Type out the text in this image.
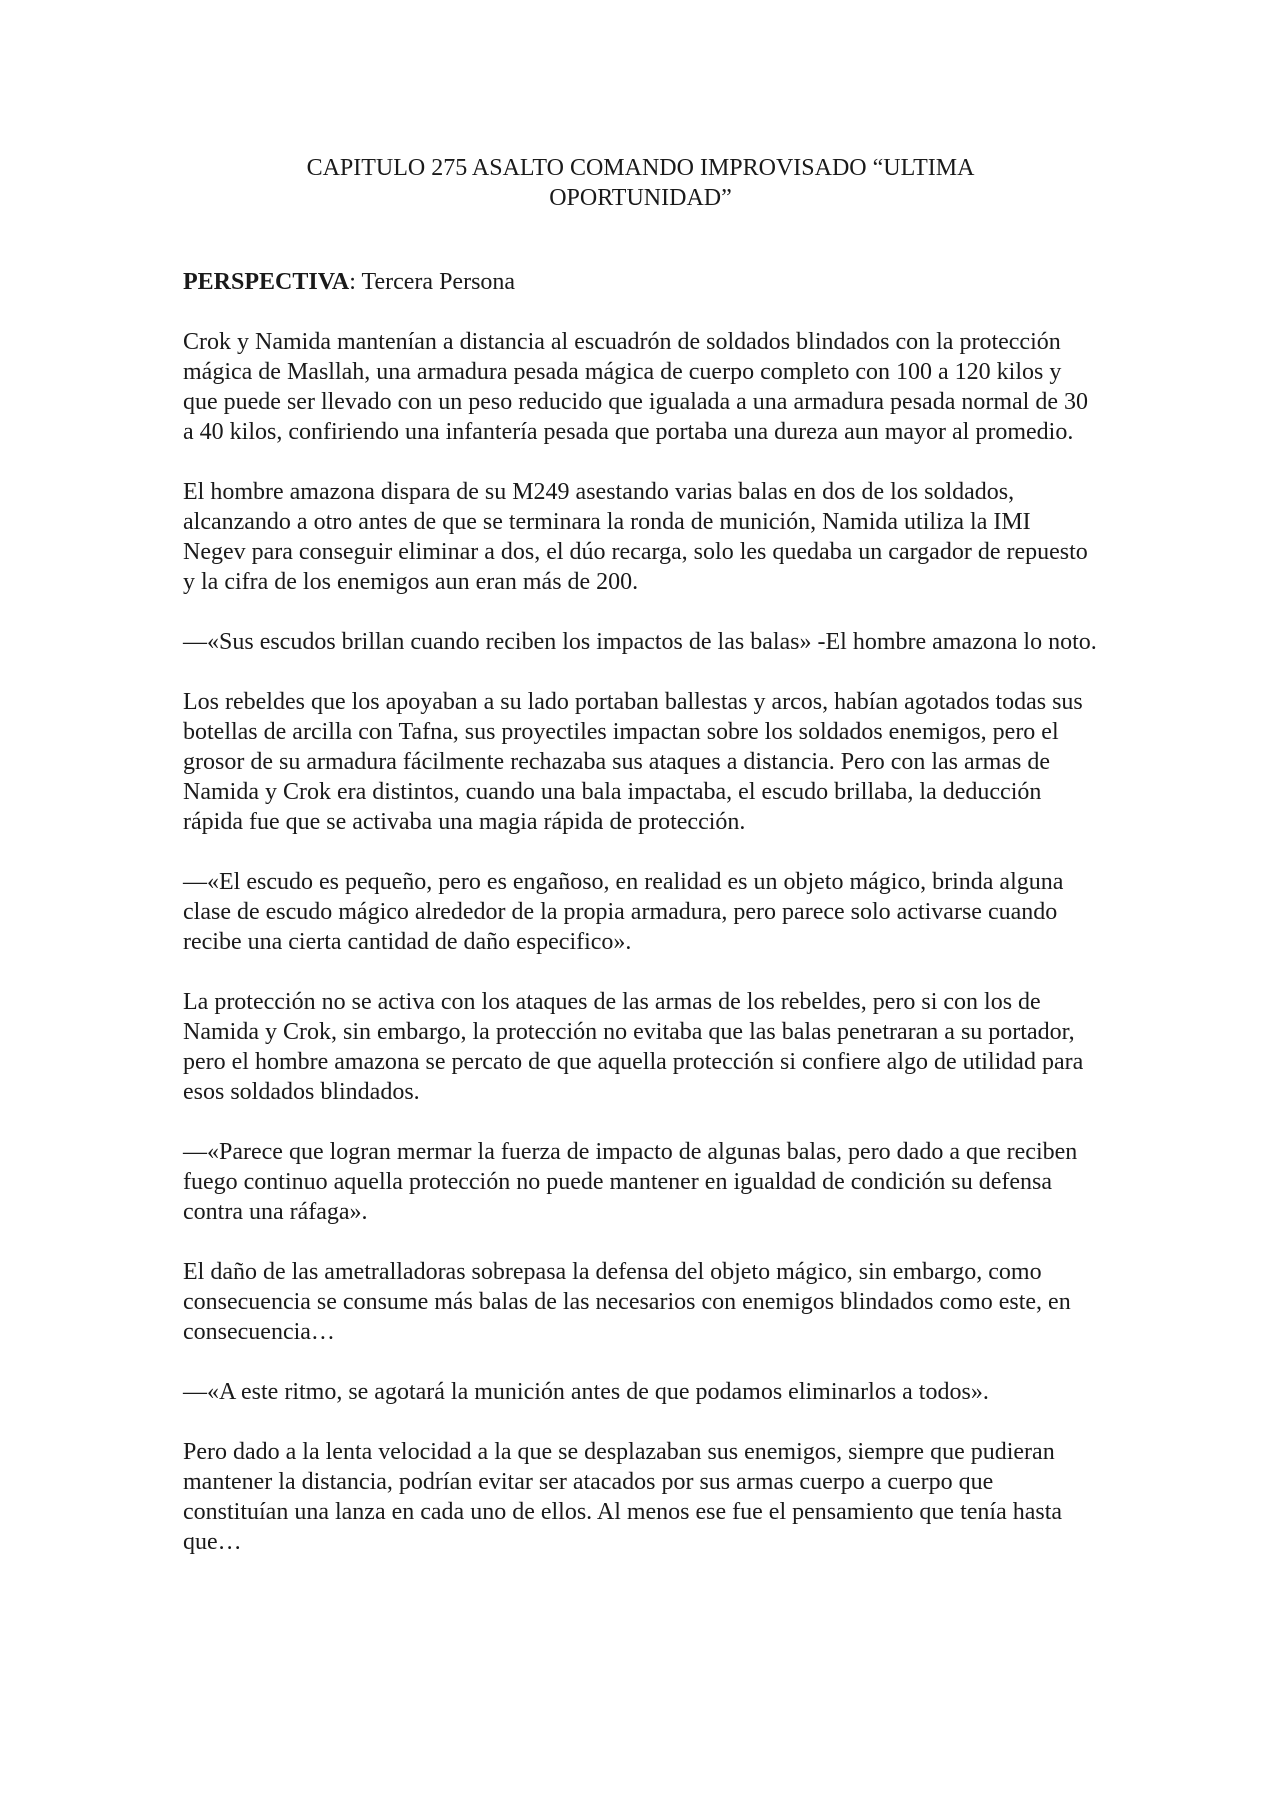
CAPITULO 275 ASALTO COMANDO IMPROVISADO “ULTIMA
OPORTUNIDAD”

PERSPECTIVA: Tercera Persona

Crok y Namida mantenían a distancia al escuadrón de soldados blindados con la protección mágica de Masllah, una armadura pesada mágica de cuerpo completo con 100 a 120 kilos y que puede ser llevado con un peso reducido que igualada a una armadura pesada normal de 30 a 40 kilos, confiriendo una infantería pesada que portaba una dureza aun mayor al promedio.

El hombre amazona dispara de su M249 asestando varias balas en dos de los soldados, alcanzando a otro antes de que se terminara la ronda de munición, Namida utiliza la IMI Negev para conseguir eliminar a dos, el dúo recarga, solo les quedaba un cargador de repuesto y la cifra de los enemigos aun eran más de 200.

—«Sus escudos brillan cuando reciben los impactos de las balas» -El hombre amazona lo noto.

Los rebeldes que los apoyaban a su lado portaban ballestas y arcos, habían agotados todas sus botellas de arcilla con Tafna, sus proyectiles impactan sobre los soldados enemigos, pero el grosor de su armadura fácilmente rechazaba sus ataques a distancia. Pero con las armas de Namida y Crok era distintos, cuando una bala impactaba, el escudo brillaba, la deducción rápida fue que se activaba una magia rápida de protección.

—«El escudo es pequeño, pero es engañoso, en realidad es un objeto mágico, brinda alguna clase de escudo mágico alrededor de la propia armadura, pero parece solo activarse cuando recibe una cierta cantidad de daño especifico».

La protección no se activa con los ataques de las armas de los rebeldes, pero si con los de Namida y Crok, sin embargo, la protección no evitaba que las balas penetraran a su portador, pero el hombre amazona se percato de que aquella protección si confiere algo de utilidad para esos soldados blindados.

—«Parece que logran mermar la fuerza de impacto de algunas balas, pero dado a que reciben fuego continuo aquella protección no puede mantener en igualdad de condición su defensa contra una ráfaga».

El daño de las ametralladoras sobrepasa la defensa del objeto mágico, sin embargo, como consecuencia se consume más balas de las necesarios con enemigos blindados como este, en consecuencia…

—«A este ritmo, se agotará la munición antes de que podamos eliminarlos a todos».

Pero dado a la lenta velocidad a la que se desplazaban sus enemigos, siempre que pudieran mantener la distancia, podrían evitar ser atacados por sus armas cuerpo a cuerpo que constituían una lanza en cada uno de ellos. Al menos ese fue el pensamiento que tenía hasta que…
